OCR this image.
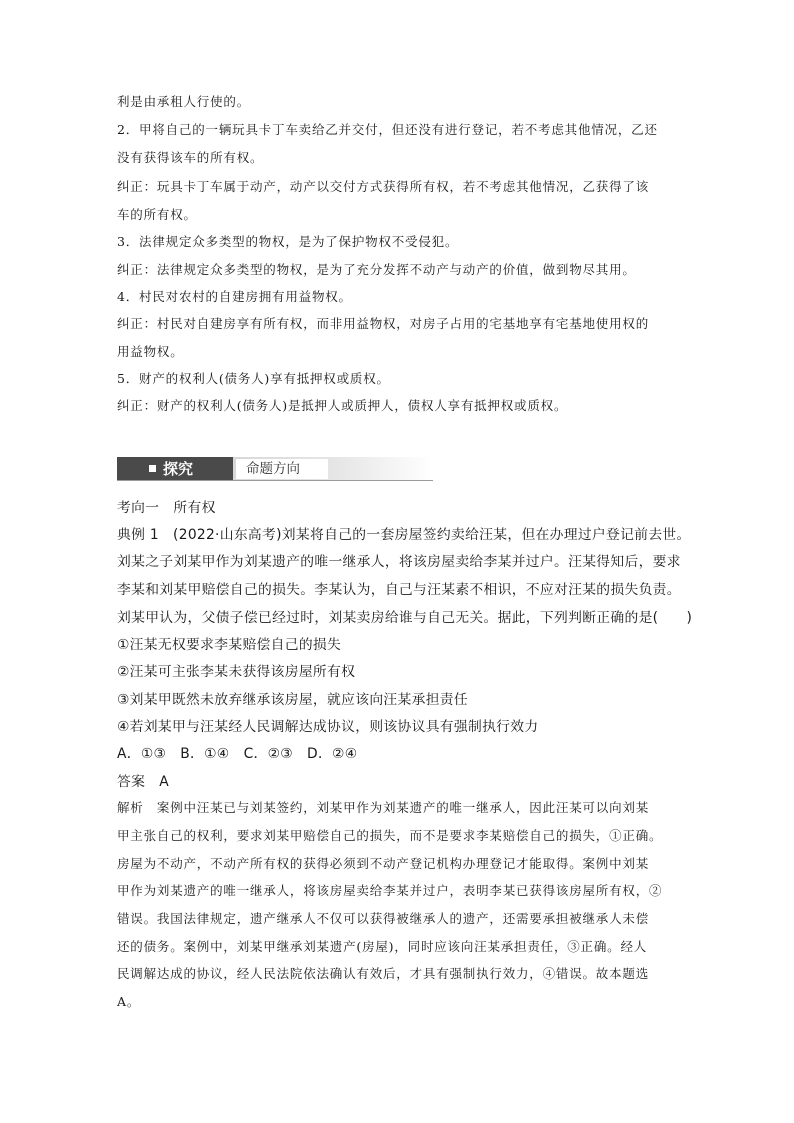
利是由承租人行使的。
2．甲将自己的一辆玩具卡丁车卖给乙并交付，但还没有进行登记，若不考虑其他情况，乙还
没有获得该车的所有权。
纠正：玩具卡丁车属于动产，动产以交付方式获得所有权，若不考虑其他情况，乙获得了该
车的所有权。
3．法律规定众多类型的物权，是为了保护物权不受侵犯。
纠正：法律规定众多类型的物权，是为了充分发挥不动产与动产的价值，做到物尽其用。
4．村民对农村的自建房拥有用益物权。
纠正：村民对自建房享有所有权，而非用益物权，对房子占用的宅基地享有宅基地使用权的
用益物权。
5．财产的权利人(债务人)享有抵押权或质权。
纠正：财产的权利人(债务人)是抵押人或质押人，债权人享有抵押权或质权。
探究	命题方向
考向一　所有权
典例 1　(2022·山东高考)刘某将自己的一套房屋签约卖给汪某，但在办理过户登记前去世。
刘某之子刘某甲作为刘某遗产的唯一继承人，将该房屋卖给李某并过户。汪某得知后，要求
李某和刘某甲赔偿自己的损失。李某认为，自己与汪某素不相识，不应对汪某的损失负责。
刘某甲认为，父债子偿已经过时，刘某卖房给谁与自己无关。据此，下列判断正确的是(　　)
①汪某无权要求李某赔偿自己的损失
②汪某可主张李某未获得该房屋所有权
③刘某甲既然未放弃继承该房屋，就应该向汪某承担责任
④若刘某甲与汪某经人民调解达成协议，则该协议具有强制执行效力
A．①③　B．①④　C．②③　D．②④
答案　A
解析　案例中汪某已与刘某签约，刘某甲作为刘某遗产的唯一继承人，因此汪某可以向刘某
甲主张自己的权利，要求刘某甲赔偿自己的损失，而不是要求李某赔偿自己的损失，①正确。
房屋为不动产，不动产所有权的获得必须到不动产登记机构办理登记才能取得。案例中刘某
甲作为刘某遗产的唯一继承人，将该房屋卖给李某并过户，表明李某已获得该房屋所有权，②
错误。我国法律规定，遗产继承人不仅可以获得被继承人的遗产，还需要承担被继承人未偿
还的债务。案例中，刘某甲继承刘某遗产(房屋)，同时应该向汪某承担责任，③正确。经人
民调解达成的协议，经人民法院依法确认有效后，才具有强制执行效力，④错误。故本题选
A。
